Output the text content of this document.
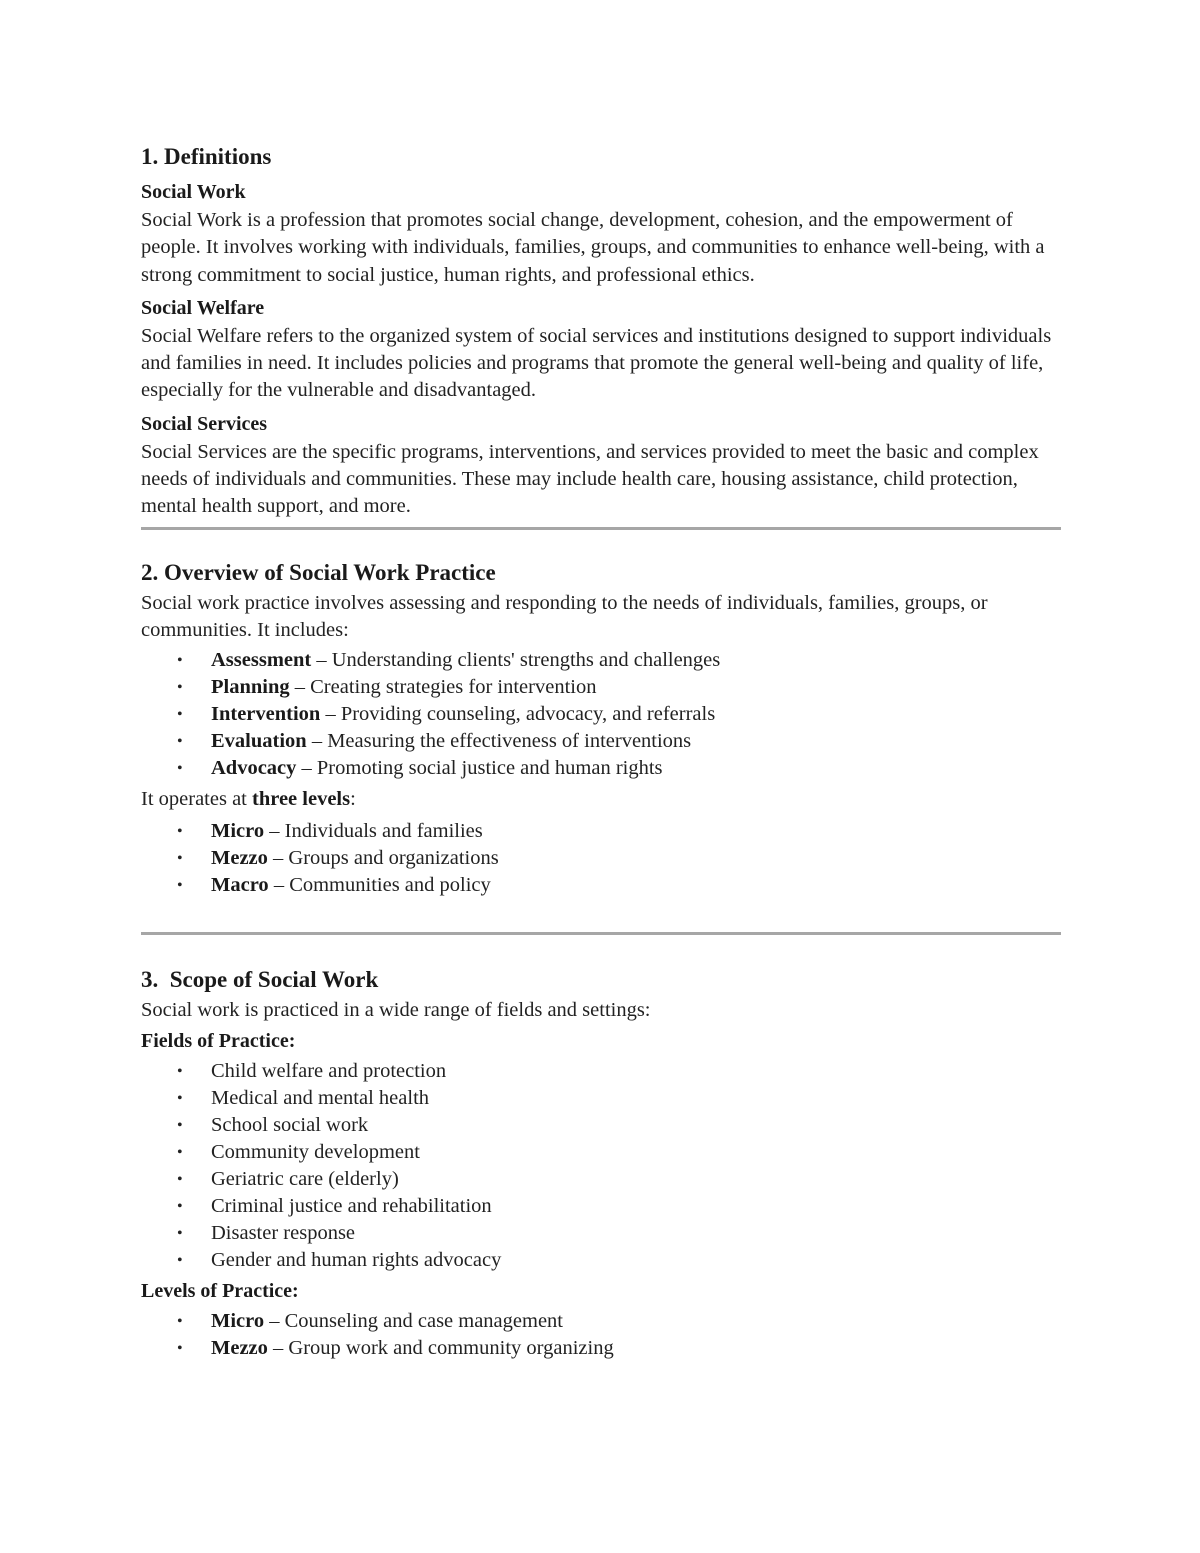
1. Definitions
Social Work

Social Work is a profession that promotes social change, development, cohesion, and the empowerment of people. It involves working with individuals, families, groups, and communities to enhance well-being, with a strong commitment to social justice, human rights, and professional ethics.

Social Welfare

Social Welfare refers to the organized system of social services and institutions designed to support individuals and families in need. It includes policies and programs that promote the general well-being and quality of life, especially for the vulnerable and disadvantaged.

Social Services

Social Services are the specific programs, interventions, and services provided to meet the basic and complex needs of individuals and communities. These may include health care, housing assistance, child protection, mental health support, and more.

2. Overview of Social Work Practice

Social work practice involves assessing and responding to the needs of individuals, families, groups, or communities. It includes:

• Assessment – Understanding clients' strengths and challenges
• Planning – Creating strategies for intervention
• Intervention – Providing counseling, advocacy, and referrals
• Evaluation – Measuring the effectiveness of interventions
• Advocacy – Promoting social justice and human rights

It operates at three levels:

• Micro – Individuals and families
• Mezzo – Groups and organizations
• Macro – Communities and policy
3.  Scope of Social Work

Social work is practiced in a wide range of fields and settings:

Fields of Practice:
• Child welfare and protection
• Medical and mental health
• School social work
• Community development
• Geriatric care (elderly)
• Criminal justice and rehabilitation
• Disaster response
• Gender and human rights advocacy
Levels of Practice:
• Micro – Counseling and case management
• Mezzo – Group work and community organizing
